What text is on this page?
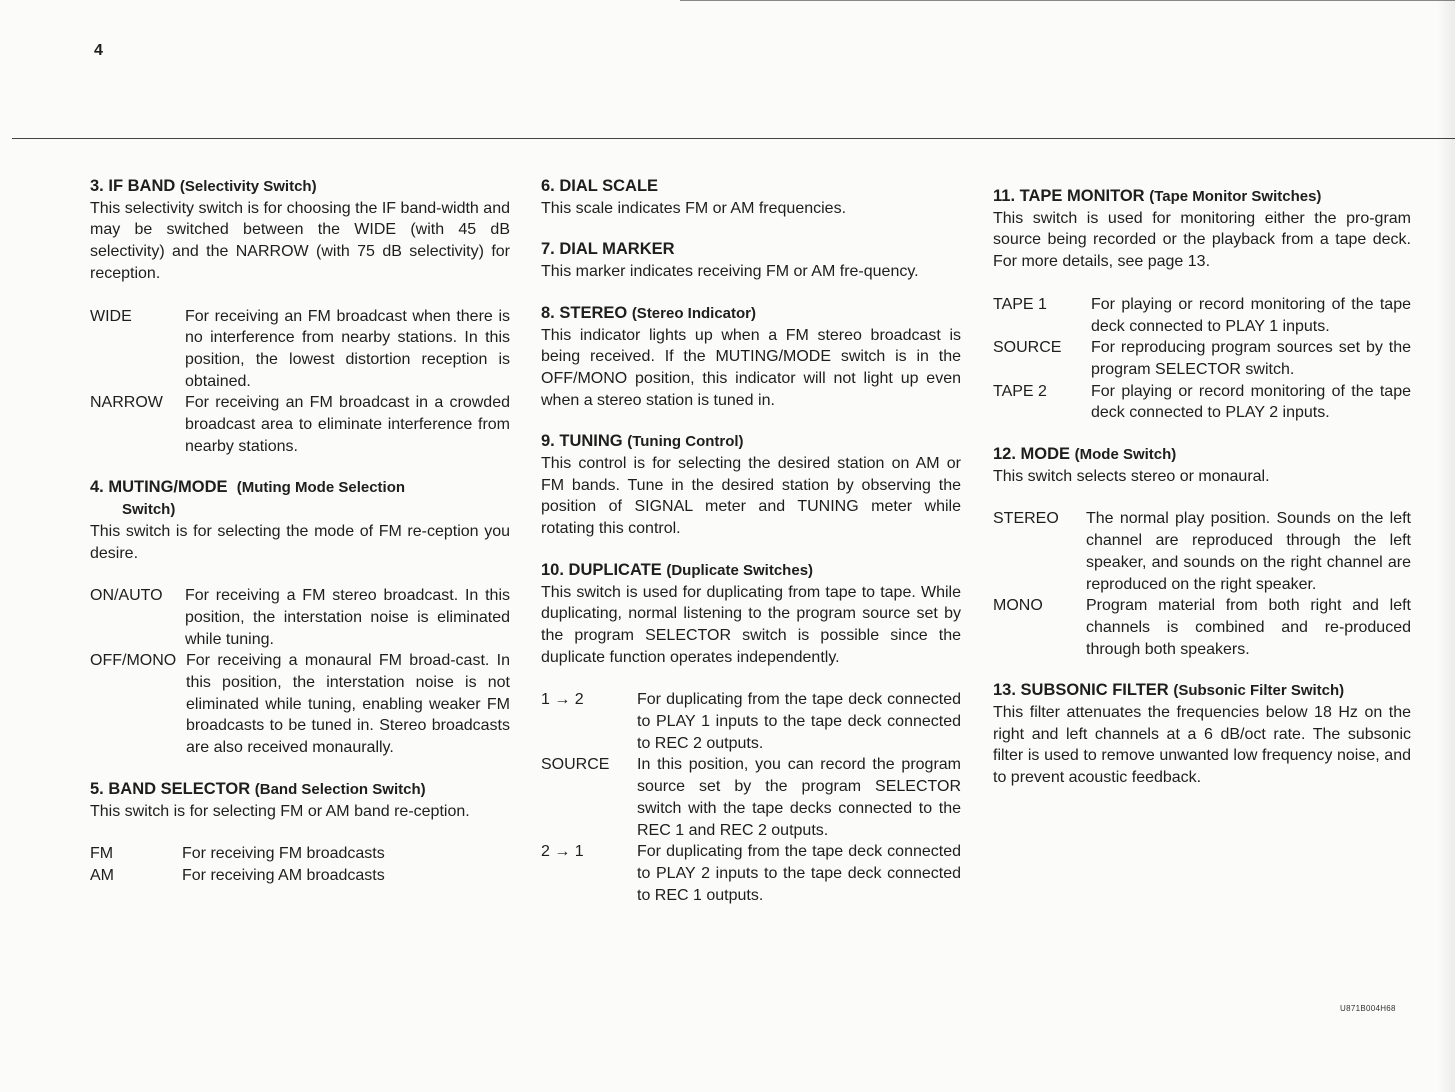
4

3. IF BAND (Selectivity Switch)

This selectivity switch is for choosing the IF band-width and may be switched between the WIDE (with 45 dB selectivity) and the NARROW (with 75 dB selectivity) for reception.

WIDE	For receiving an FM broadcast when there is no interference from nearby stations. In this position, the lowest distortion reception is obtained.
NARROW	For receiving an FM broadcast in a crowded broadcast area to eliminate interference from nearby stations.

4. MUTING/MODE (Muting Mode Selection
Switch)

This switch is for selecting the mode of FM re-ception you desire.

ON/AUTO	For receiving a FM stereo broadcast. In this position, the interstation noise is eliminated while tuning.
OFF/MONO For receiving a monaural FM broad-cast. In this position, the interstation noise is not eliminated while tuning, enabling weaker FM broadcasts to be tuned in. Stereo broadcasts are also received monaurally.

5. BAND SELECTOR (Band Selection Switch)

This switch is for selecting FM or AM band re-ception.

FM	For receiving FM broadcasts
AM	For receiving AM broadcasts

6. DIAL SCALE

This scale indicates FM or AM frequencies.

7. DIAL MARKER

This marker indicates receiving FM or AM fre-quency.

8. STEREO (Stereo Indicator)

This indicator lights up when a FM stereo broadcast is being received. If the MUTING/MODE switch is in the OFF/MONO position, this indicator will not light up even when a stereo station is tuned in.

9. TUNING (Tuning Control)

This control is for selecting the desired station on AM or FM bands. Tune in the desired station by observing the position of SIGNAL meter and TUNING meter while rotating this control.

10. DUPLICATE (Duplicate Switches)

This switch is used for duplicating from tape to tape. While duplicating, normal listening to the program source set by the program SELECTOR switch is possible since the duplicate function operates independently.

1 → 2	For duplicating from the tape deck connected to PLAY 1 inputs to the tape deck connected to REC 2 outputs.
SOURCE	In this position, you can record the program source set by the program SELECTOR switch with the tape decks connected to the REC 1 and REC 2 outputs.
2 → 1	For duplicating from the tape deck connected to PLAY 2 inputs to the tape deck connected to REC 1 outputs.

11. TAPE MONITOR (Tape Monitor Switches)

This switch is used for monitoring either the pro-gram source being recorded or the playback from a tape deck. For more details, see page 13.

TAPE 1	For playing or record monitoring of the tape deck connected to PLAY 1 inputs.
SOURCE	For reproducing program sources set by the program SELECTOR switch.
TAPE 2	For playing or record monitoring of the tape deck connected to PLAY 2 inputs.

12. MODE (Mode Switch)

This switch selects stereo or monaural.

STEREO	The normal play position. Sounds on the left channel are reproduced through the left speaker, and sounds on the right channel are reproduced on the right speaker.
MONO	Program material from both right and left channels is combined and re-produced through both speakers.

13. SUBSONIC FILTER (Subsonic Filter Switch)

This filter attenuates the frequencies below 18 Hz on the right and left channels at a 6 dB/oct rate. The subsonic filter is used to remove unwanted low frequency noise, and to prevent acoustic feedback.

U871B004H68
